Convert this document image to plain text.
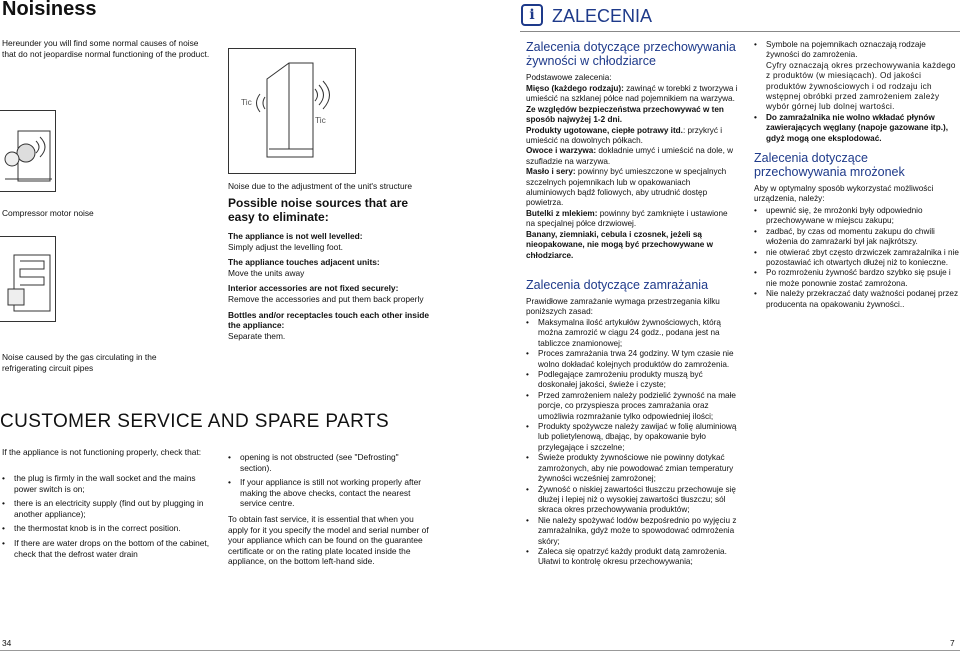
Noisiness
Hereunder you will find some normal causes of noise that do not jeopardise normal functioning of the product.
Compressor motor noise
Noise caused by the gas circulating in the refrigerating circuit pipes
Tic
Tic
Noise due to the adjustment of the unit's structure
Possible noise sources that are easy to eliminate:
The appliance is not well levelled:
Simply adjust the levelling foot.
The appliance touches adjacent units:
Move the units away
Interior accessories are not fixed securely:
Remove the accessories and put them back properly
Bottles and/or receptacles touch each other inside the appliance:
Separate them.
CUSTOMER SERVICE AND SPARE PARTS
If the appliance is not functioning properly, check that:
• the plug is firmly in the wall socket and the mains power switch is on;
• there is an electricity supply (find out by plugging in another appliance);
• the thermostat knob is in the correct position.
• If there are water drops on the bottom of the cabinet, check that the defrost water drain
• opening is not obstructed (see "Defrosting" section).
• If your appliance is still not working properly after making the above checks, contact the nearest service centre.
To obtain fast service, it is essential that when you apply for it you specify the model and serial number of your appliance which can be found on the guarantee certificate or on the rating plate located inside the appliance, on the bottom left-hand side.
34
i ZALECENIA
Zalecenia dotyczące przechowywania żywności w chłodziarce
Podstawowe zalecenia:
Mięso (każdego rodzaju): zawinąć w torebki z tworzywa i umieścić na szklanej półce nad pojemnikiem na warzywa.
Ze względów bezpieczeństwa przechowywać w ten sposób najwyżej 1-2 dni.
Produkty ugotowane, ciepłe potrawy itd.: przykryć i umieścić na dowolnych półkach.
Owoce i warzywa: dokładnie umyć i umieścić na dole, w szufladzie na warzywa.
Masło i sery: powinny być umieszczone w specjalnych szczelnych pojemnikach lub w opakowaniach aluminiowych bądź foliowych, aby utrudnić dostęp powietrza.
Butelki z mlekiem: powinny być zamknięte i ustawione na specjalnej półce drzwiowej.
Banany, ziemniaki, cebula i czosnek, jeżeli są nieopakowane, nie mogą być przechowywane w chłodziarce.
Zalecenia dotyczące zamrażania
Prawidłowe zamrażanie wymaga przestrzegania kilku poniższych zasad:
• Maksymalna ilość artykułów żywnościowych, którą można zamrozić w ciągu 24 godz., podana jest na tabliczce znamionowej;
• Proces zamrażania trwa 24 godziny. W tym czasie nie wolno dokładać kolejnych produktów do zamrożenia.
• Podlegające zamrożeniu produkty muszą być doskonałej jakości, świeże i czyste;
• Przed zamrożeniem należy podzielić żywność na małe porcje, co przyspiesza proces zamrażania oraz umożliwia rozmrażanie tylko odpowiedniej ilości;
• Produkty spożywcze należy zawijać w folię aluminiową lub polietylenową, dbając, by opakowanie było przylegające i szczelne;
• Świeże produkty żywnościowe nie powinny dotykać zamrożonych, aby nie powodować zmian temperatury żywności wcześniej zamrożonej;
• Żywność o niskiej zawartości tłuszczu przechowuje się dłużej i lepiej niż o wysokiej zawartości tłuszczu; sól skraca okres przechowywania produktów;
• Nie należy spożywać lodów bezpośrednio po wyjęciu z zamrażalnika, gdyż może to spowodować odmrożenia skóry;
• Zaleca się opatrzyć każdy produkt datą zamrożenia. Ułatwi to kontrolę okresu przechowywania;
• Symbole na pojemnikach oznaczają rodzaje żywności do zamrożenia.
Cyfry oznaczają okres przechowywania każdego z produktów (w miesiącach). Od jakości produktów żywnościowych i od rodzaju ich wstępnej obróbki przed zamrożeniem zależy wybór górnej lub dolnej wartości.
• Do zamrażalnika nie wolno wkładać płynów zawierających węglany (napoje gazowane itp.), gdyż mogą one eksplodować.
Zalecenia dotyczące przechowywania mrożonek
Aby w optymalny sposób wykorzystać możliwości urządzenia, należy:
• upewnić się, że mrożonki były odpowiednio przechowywane w miejscu zakupu;
• zadbać, by czas od momentu zakupu do chwili włożenia do zamrażarki był jak najkrótszy.
• nie otwierać zbyt często drzwiczek zamrażalnika i nie pozostawiać ich otwartych dłużej niż to konieczne.
• Po rozmrożeniu żywność bardzo szybko się psuje i nie może ponownie zostać zamrożona.
• Nie należy przekraczać daty ważności podanej przez producenta na opakowaniu żywności..
7
